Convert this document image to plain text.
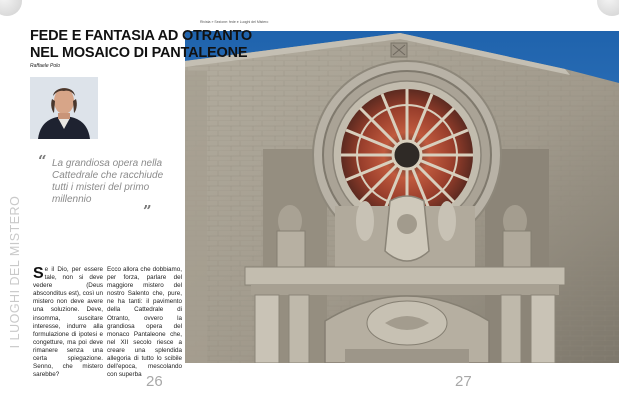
I LUOGHI DEL MISTERO
“ La grandiosa opera nella Cattedrale che racchiude tutti i misteri del primo millennio
”
Se il Dio, per essere tale, non si deve vedere (Deus absconditus est), così un mistero non deve avere una soluzione. Deve, insomma, suscitare interesse, indurre alla formulazione di ipotesi e congetture, ma poi deve rimanere senza una certa spiegazione. Senno, che mistero sarebbe?
Ecco allora che dobbiamo, per forza, parlare del maggiore mistero del nostro Salento che, pure, ne ha tanti: il pavimento della Cattedrale di Otranto, ovvero la grandiosa opera del monaco Pantaleone che, nel XII secolo riesce a creare una splendida allegoria di tutto lo scibile dell'epoca, mescolando con superba 26
FEDE E FANTASIA AD OTRANTO
NEL MOSAICO DI PANTALEONE
Raffaele Polo
Rivista » Sezione: fede e Luoghi del Mistero
27
